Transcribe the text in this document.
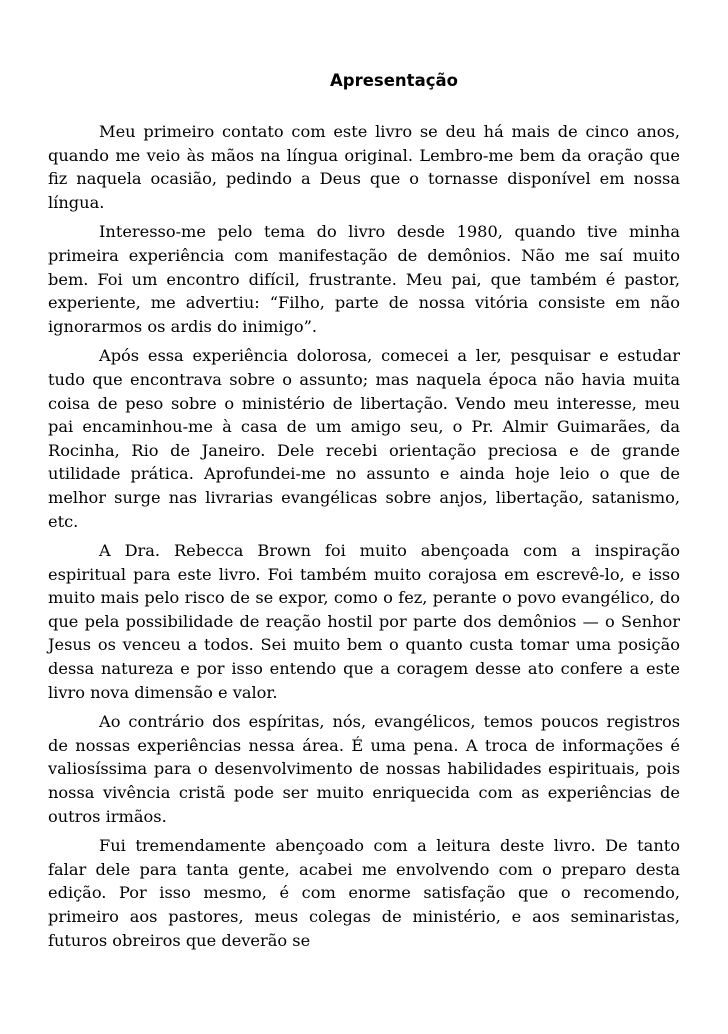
Apresentação

Meu primeiro contato com este livro se deu há mais de cinco anos, quando me veio às mãos na língua original. Lembro-me bem da oração que fiz naquela ocasião, pedindo a Deus que o tornasse disponível em nossa língua.

Interesso-me pelo tema do livro desde 1980, quando tive minha primeira experiência com manifestação de demônios. Não me saí muito bem. Foi um encontro difícil, frustrante. Meu pai, que também é pastor, experiente, me advertiu: “Filho, parte de nossa vitória consiste em não ignorarmos os ardis do inimigo”.

Após essa experiência dolorosa, comecei a ler, pesquisar e estudar tudo que encontrava sobre o assunto; mas naquela época não havia muita coisa de peso sobre o ministério de libertação. Vendo meu interesse, meu pai encaminhou-me à casa de um amigo seu, o Pr. Almir Guimarães, da Rocinha, Rio de Janeiro. Dele recebi orientação preciosa e de grande utilidade prática. Aprofundei-me no assunto e ainda hoje leio o que de melhor surge nas livrarias evangélicas sobre anjos, libertação, satanismo, etc.

A Dra. Rebecca Brown foi muito abençoada com a inspiração espiritual para este livro. Foi também muito corajosa em escrevê-lo, e isso muito mais pelo risco de se expor, como o fez, perante o povo evangélico, do que pela possibilidade de reação hostil por parte dos demônios — o Senhor Jesus os venceu a todos. Sei muito bem o quanto custa tomar uma posição dessa natureza e por isso entendo que a coragem desse ato confere a este livro nova dimensão e valor.

Ao contrário dos espíritas, nós, evangélicos, temos poucos registros de nossas experiências nessa área. É uma pena. A troca de informações é valiosíssima para o desenvolvimento de nossas habilidades espirituais, pois nossa vivência cristã pode ser muito enriquecida com as experiências de outros irmãos.

Fui tremendamente abençoado com a leitura deste livro. De tanto falar dele para tanta gente, acabei me envolvendo com o preparo desta edição. Por isso mesmo, é com enorme satisfação que o recomendo, primeiro aos pastores, meus colegas de ministério, e aos seminaristas, futuros obreiros que deverão se
